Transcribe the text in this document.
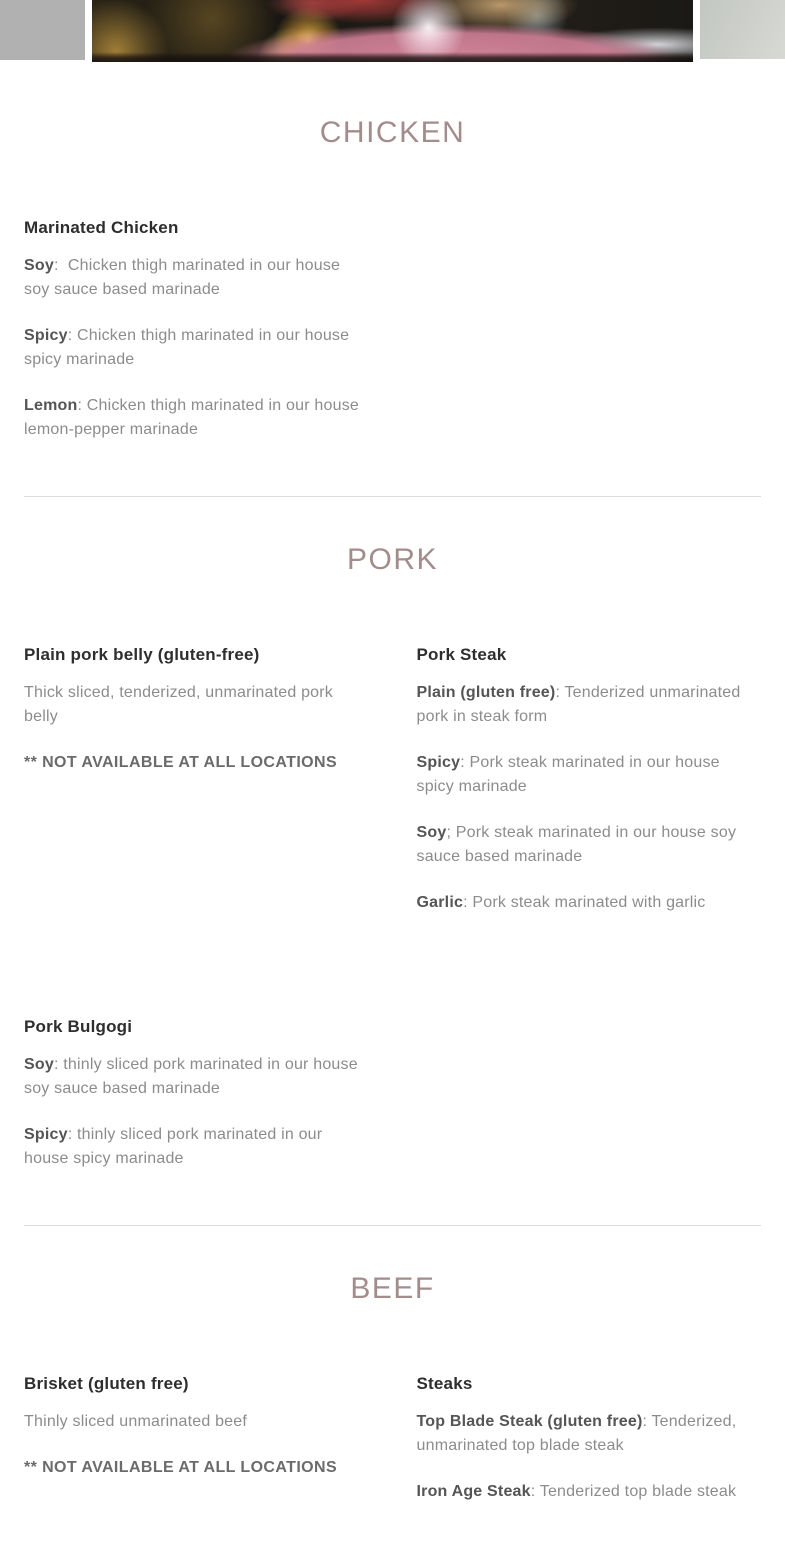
CHICKEN
Marinated Chicken

Soy:  Chicken thigh marinated in our house soy sauce based marinade

Spicy: Chicken thigh marinated in our house spicy marinade

Lemon: Chicken thigh marinated in our house lemon-pepper marinade

PORK
Plain pork belly (gluten-free)

Thick sliced, tenderized, unmarinated pork belly

** NOT AVAILABLE AT ALL LOCATIONS

Pork Steak

Plain (gluten free): Tenderized unmarinated pork in steak form

Spicy: Pork steak marinated in our house spicy marinade

Soy; Pork steak marinated in our house soy sauce based marinade

Garlic: Pork steak marinated with garlic

Pork Bulgogi

Soy: thinly sliced pork marinated in our house soy sauce based marinade

Spicy: thinly sliced pork marinated in our house spicy marinade

BEEF
Brisket (gluten free)

Thinly sliced unmarinated beef

** NOT AVAILABLE AT ALL LOCATIONS

Steaks

Top Blade Steak (gluten free): Tenderized, unmarinated top blade steak

Iron Age Steak: Tenderized top blade steak
